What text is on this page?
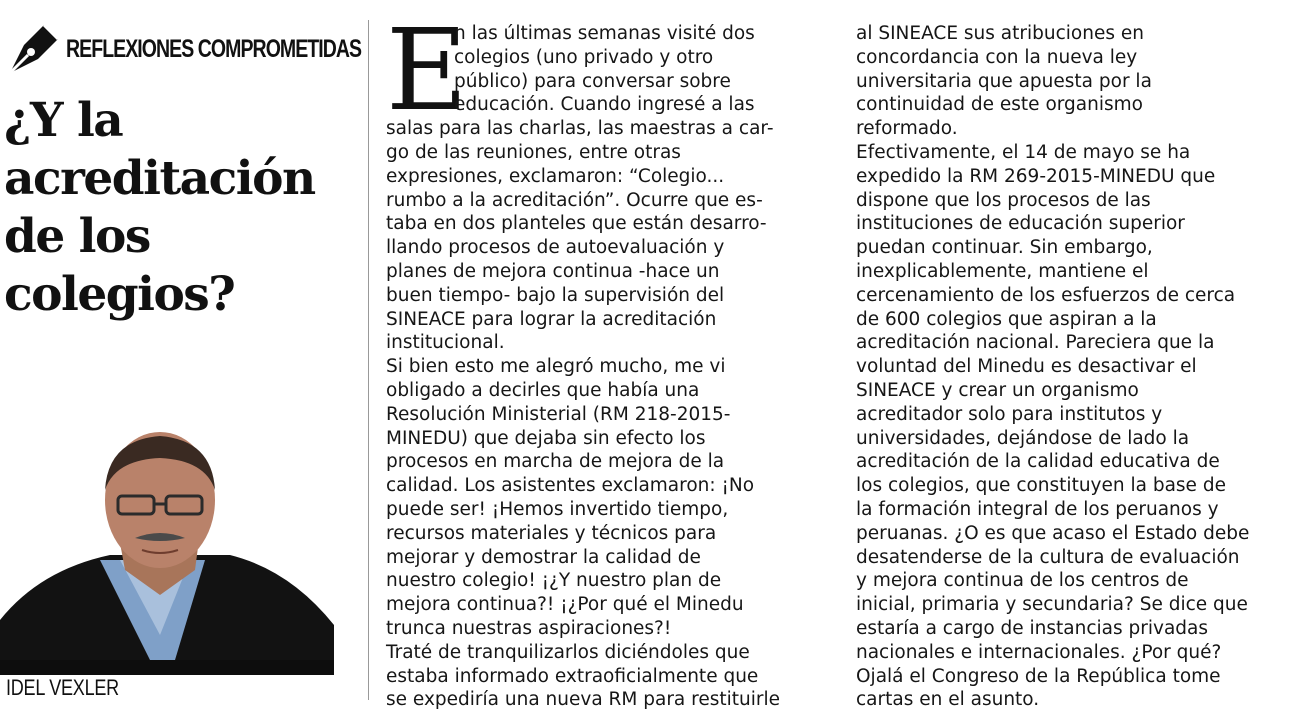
REFLEXIONES COMPROMETIDAS
¿Y la
acreditación
de los
colegios?
IDEL VEXLER
E
n las últimas semanas visité dos
colegios (uno privado y otro
público) para conversar sobre
educación. Cuando ingresé a las
salas para las charlas, las maestras a car-
go de las reuniones, entre otras
expresiones, exclamaron: “Colegio...
rumbo a la acreditación”. Ocurre que es-
taba en dos planteles que están desarro-
llando procesos de autoevaluación y
planes de mejora continua -hace un
buen tiempo- bajo la supervisión del
SINEACE para lograr la acreditación
institucional.
Si bien esto me alegró mucho, me vi
obligado a decirles que había una
Resolución Ministerial (RM 218-2015-
MINEDU) que dejaba sin efecto los
procesos en marcha de mejora de la
calidad. Los asistentes exclamaron: ¡No
puede ser! ¡Hemos invertido tiempo,
recursos materiales y técnicos para
mejorar y demostrar la calidad de
nuestro colegio! ¡¿Y nuestro plan de
mejora continua?! ¡¿Por qué el Minedu
trunca nuestras aspiraciones?!
Traté de tranquilizarlos diciéndoles que
estaba informado extraoficialmente que
se expediría una nueva RM para restituirle
al SINEACE sus atribuciones en
concordancia con la nueva ley
universitaria que apuesta por la
continuidad de este organismo
reformado.
Efectivamente, el 14 de mayo se ha
expedido la RM 269-2015-MINEDU que
dispone que los procesos de las
instituciones de educación superior
puedan continuar. Sin embargo,
inexplicablemente, mantiene el
cercenamiento de los esfuerzos de cerca
de 600 colegios que aspiran a la
acreditación nacional. Pareciera que la
voluntad del Minedu es desactivar el
SINEACE y crear un organismo
acreditador solo para institutos y
universidades, dejándose de lado la
acreditación de la calidad educativa de
los colegios, que constituyen la base de
la formación integral de los peruanos y
peruanas. ¿O es que acaso el Estado debe
desatenderse de la cultura de evaluación
y mejora continua de los centros de
inicial, primaria y secundaria? Se dice que
estaría a cargo de instancias privadas
nacionales e internacionales. ¿Por qué?
Ojalá el Congreso de la República tome
cartas en el asunto.
